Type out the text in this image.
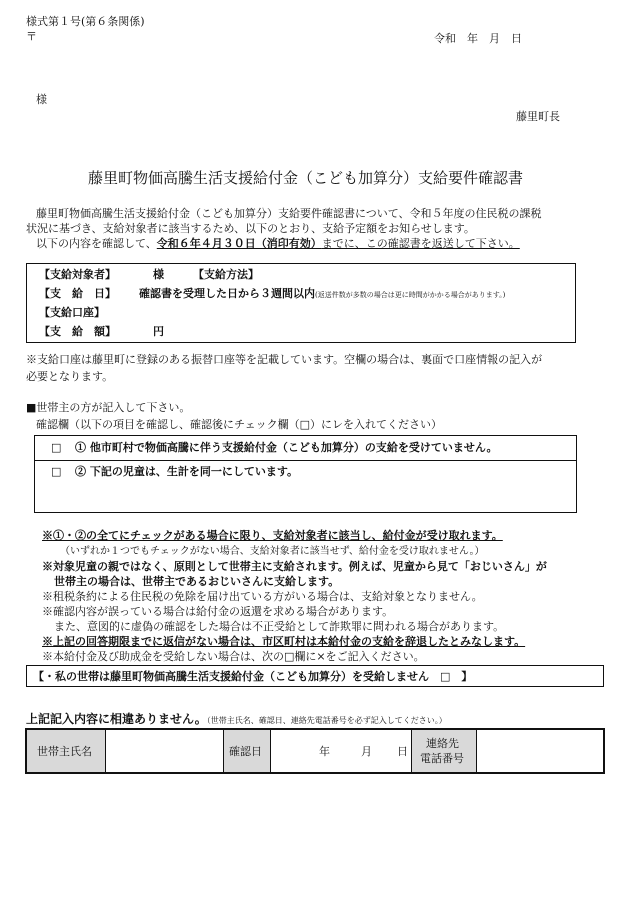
様式第１号(第６条関係)
〒	令和　年　月　日
様
藤里町長
藤里町物価高騰生活支援給付金（こども加算分）支給要件確認書
藤里町物価高騰生活支援給付金（こども加算分）支給要件確認書について、令和５年度の住民税の課税
状況に基づき、支給対象者に該当するため、以下のとおり、支給予定額をお知らせします。
以下の内容を確認して、令和６年４月３０日（消印有効）までに、この確認書を返送して下さい。
【支給対象者】	様	【支給方法】
【支　給　日】 確認書を受理した日から３週間以内(返送件数が多数の場合は更に時間がかかる場合があります。)
【支給口座】
【支　給　額】	円
※支給口座は藤里町に登録のある振替口座等を記載しています。空欄の場合は、裏面で口座情報の記入が
必要となります。
■世帯主の方が記入して下さい。
確認欄（以下の項目を確認し、確認後にチェック欄（□）にレを入れてください）
□ ① 他市町村で物価高騰に伴う支援給付金（こども加算分）の支給を受けていません。
□ ② 下記の児童は、生計を同一にしています。
※①・②の全てにチェックがある場合に限り、支給対象者に該当し、給付金が受け取れます。
（いずれか１つでもチェックがない場合、支給対象者に該当せず、給付金を受け取れません。）
※対象児童の親ではなく、原則として世帯主に支給されます。例えば、児童から見て「おじいさん」が
世帯主の場合は、世帯主であるおじいさんに支給します。
※租税条約による住民税の免除を届け出ている方がいる場合は、支給対象となりません。
※確認内容が誤っている場合は給付金の返還を求める場合があります。
また、意図的に虚偽の確認をした場合は不正受給として詐欺罪に問われる場合があります。
※上記の回答期限までに返信がない場合は、市区町村は本給付金の支給を辞退したとみなします。
※本給付金及び助成金を受給しない場合は、次の□欄に×をご記入ください。
【・私の世帯は藤里町物価高騰生活支援給付金（こども加算分）を受給しません　□　】
上記記入内容に相違ありません。（世帯主氏名、確認日、連絡先電話番号を必ず記入してください。）
世帯主氏名	確認日	年	月 日
連絡先
電話番号
